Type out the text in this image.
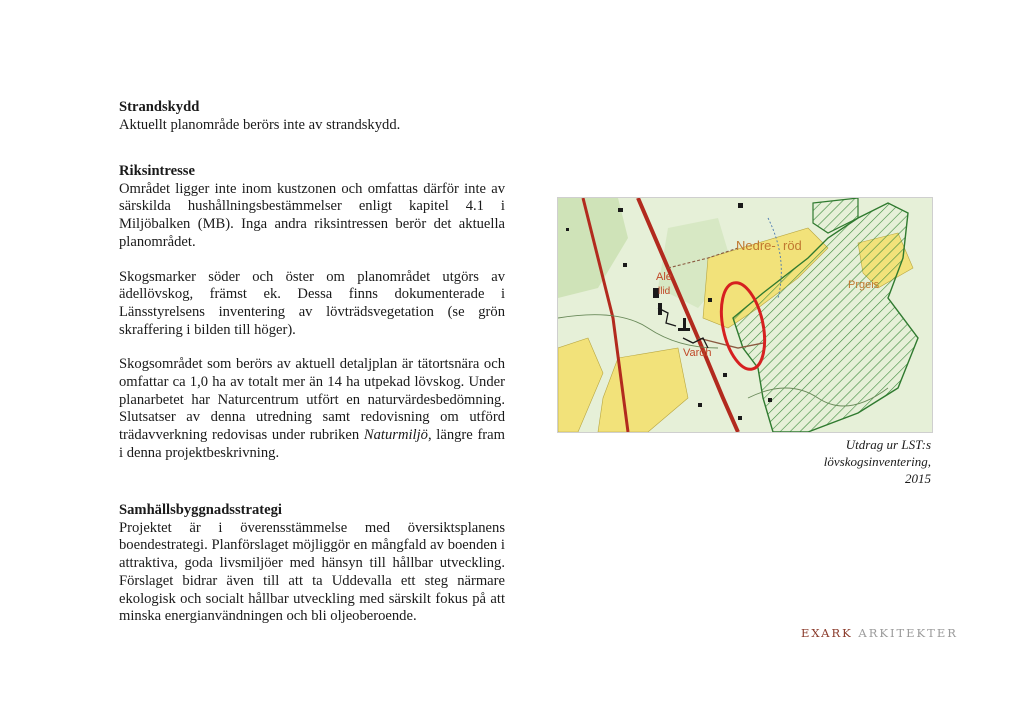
Strandskydd

Aktuellt planområde berörs inte av strandskydd.

Riksintresse

Området ligger inte inom kustzonen och omfattas därför inte av särskilda hushållningsbestämmelser enligt kapitel 4.1 i Miljöbalken (MB). Inga andra riksintressen berör det aktuella planområdet.

Skogsmarker söder och öster om planområdet utgörs av ädellövskog, främst ek. Dessa finns dokumenterade i Länsstyrelsens inventering av lövträdsvegetation (se grön skraffering i bilden till höger).

Skogsområdet som berörs av aktuell detaljplan är tätortsnära och omfattar ca 1,0 ha av totalt mer än 14 ha utpekad lövskog. Under planarbetet har Naturcentrum utfört en naturvärdesbedömning. Slutsatser av denna utredning samt redovisning om utförd trädavverkning redovisas under rubriken Naturmiljö, längre fram i denna projektbeskrivning.

Samhällsbyggnadsstrategi

Projektet är i överensstämmelse med översiktsplanens boendestrategi. Planförslaget möjliggör en mångfald av boenden i attraktiva, goda livsmiljöer med hänsyn till hållbar utveckling. Förslaget bidrar även till att ta Uddevalla ett steg närmare ekologisk och socialt hållbar utveckling med särskilt fokus på att minska energianvändningen och bli oljeoberoende.

Nedre- röd
Prgeis
Ale
llid
Vardh
Utdrag ur LST:s
lövskogsinventering,
2015
EXARK ARKITEKTER
